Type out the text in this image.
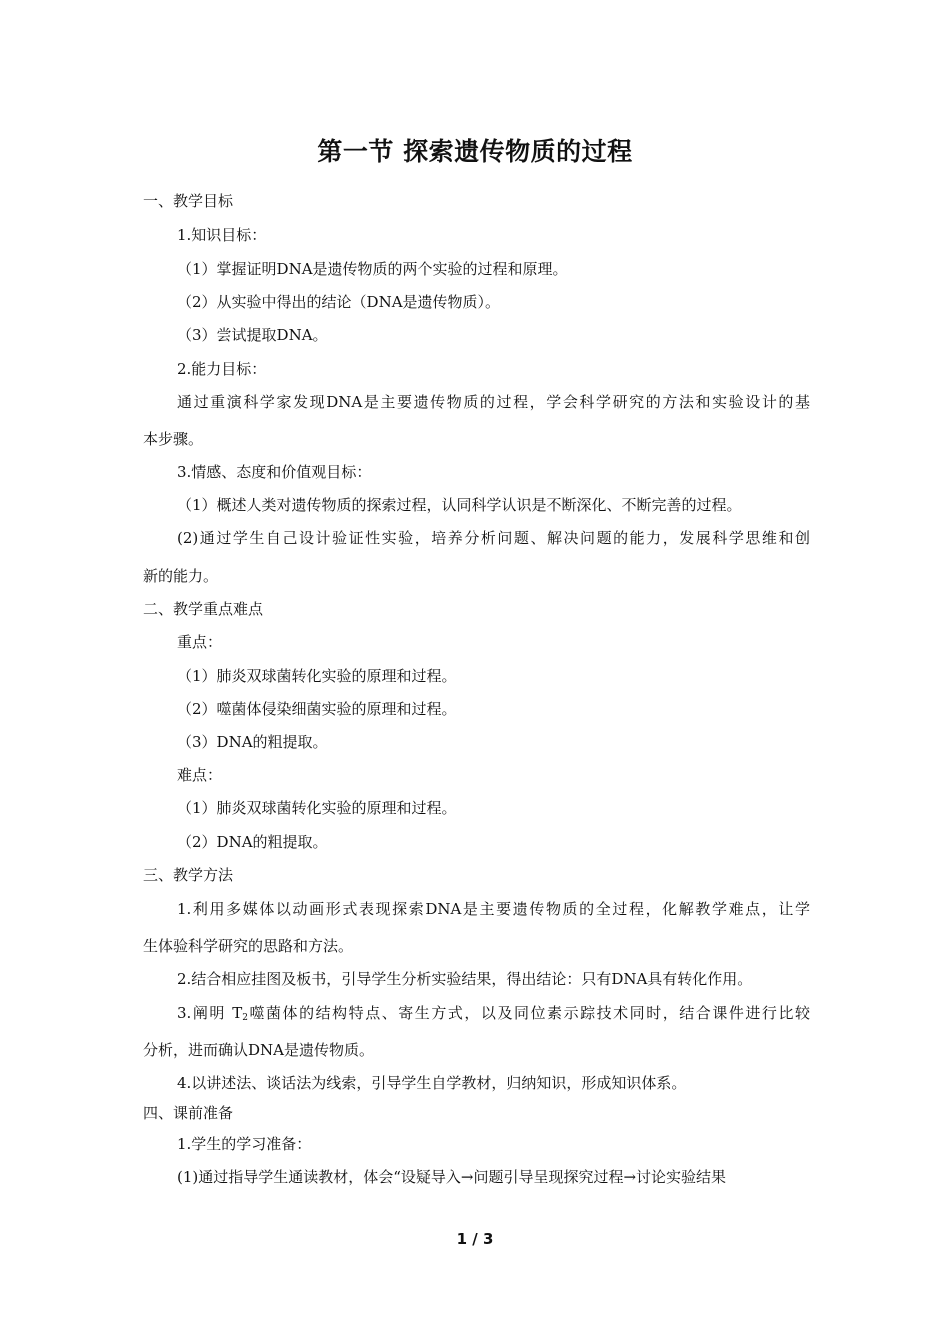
第一节 探索遗传物质的过程
一、教学目标
1.知识目标：
（1）掌握证明DNA是遗传物质的两个实验的过程和原理。
（2）从实验中得出的结论（DNA是遗传物质）。
（3）尝试提取DNA。
2.能力目标：
通过重演科学家发现DNA是主要遗传物质的过程，学会科学研究的方法和实验设计的基
本步骤。
3.情感、态度和价值观目标：
（1）概述人类对遗传物质的探索过程，认同科学认识是不断深化、不断完善的过程。
(2)通过学生自己设计验证性实验，培养分析问题、解决问题的能力，发展科学思维和创
新的能力。
二、教学重点难点
重点：
（1）肺炎双球菌转化实验的原理和过程。
（2）噬菌体侵染细菌实验的原理和过程。
（3）DNA的粗提取。
难点：
（1）肺炎双球菌转化实验的原理和过程。
（2）DNA的粗提取。
三、教学方法
1.利用多媒体以动画形式表现探索DNA是主要遗传物质的全过程，化解教学难点，让学
生体验科学研究的思路和方法。
2.结合相应挂图及板书，引导学生分析实验结果，得出结论：只有DNA具有转化作用。
3.阐明 $T_2$噬菌体的结构特点、寄生方式，以及同位素示踪技术同时，结合课件进行比较
分析，进而确认DNA是遗传物质。
4.以讲述法、谈话法为线索，引导学生自学教材，归纳知识，形成知识体系。
四、课前准备
1.学生的学习准备：
(1)通过指导学生通读教材，体会“设疑导入→问题引导呈现探究过程→讨论实验结果
1 / 3
